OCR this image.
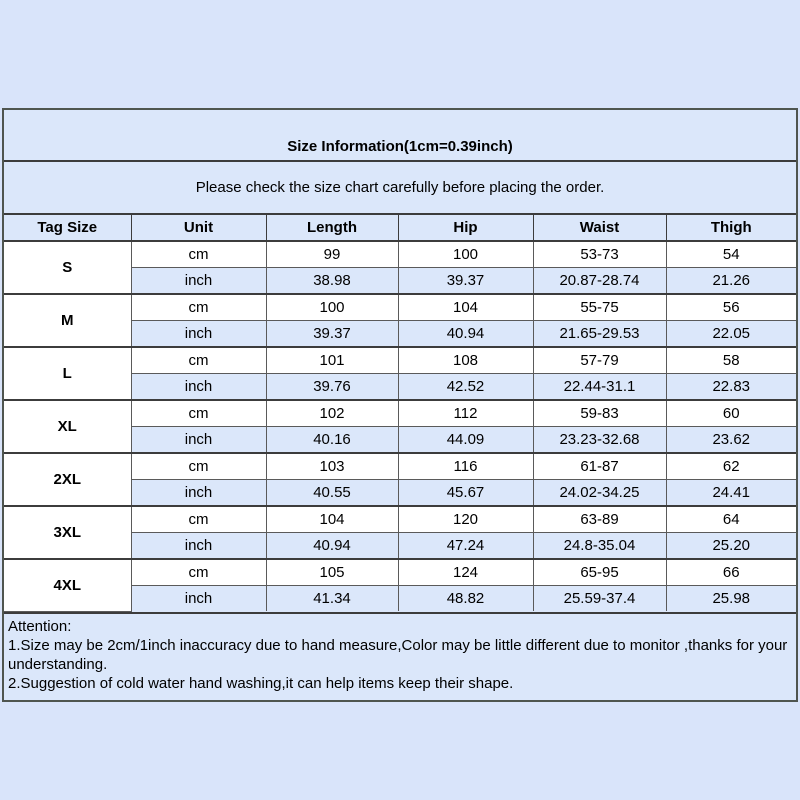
Size Information(1cm=0.39inch)
Please check the size chart carefully before placing the order.
Tag Size	Unit	Length	Hip	Waist	Thigh
S	cm	99	100	53-73	54
	inch	38.98	39.37	20.87-28.74	21.26
M	cm	100	104	55-75	56
	inch	39.37	40.94	21.65-29.53	22.05
L	cm	101	108	57-79	58
	inch	39.76	42.52	22.44-31.1	22.83
XL	cm	102	112	59-83	60
	inch	40.16	44.09	23.23-32.68	23.62
2XL	cm	103	116	61-87	62
	inch	40.55	45.67	24.02-34.25	24.41
3XL	cm	104	120	63-89	64
	inch	40.94	47.24	24.8-35.04	25.20
4XL	cm	105	124	65-95	66
	inch	41.34	48.82	25.59-37.4	25.98
Attention:
1.Size may be 2cm/1inch inaccuracy due to hand measure,Color may be little different due to monitor ,thanks for your understanding.
2.Suggestion of cold water hand washing,it can help items keep their shape.
